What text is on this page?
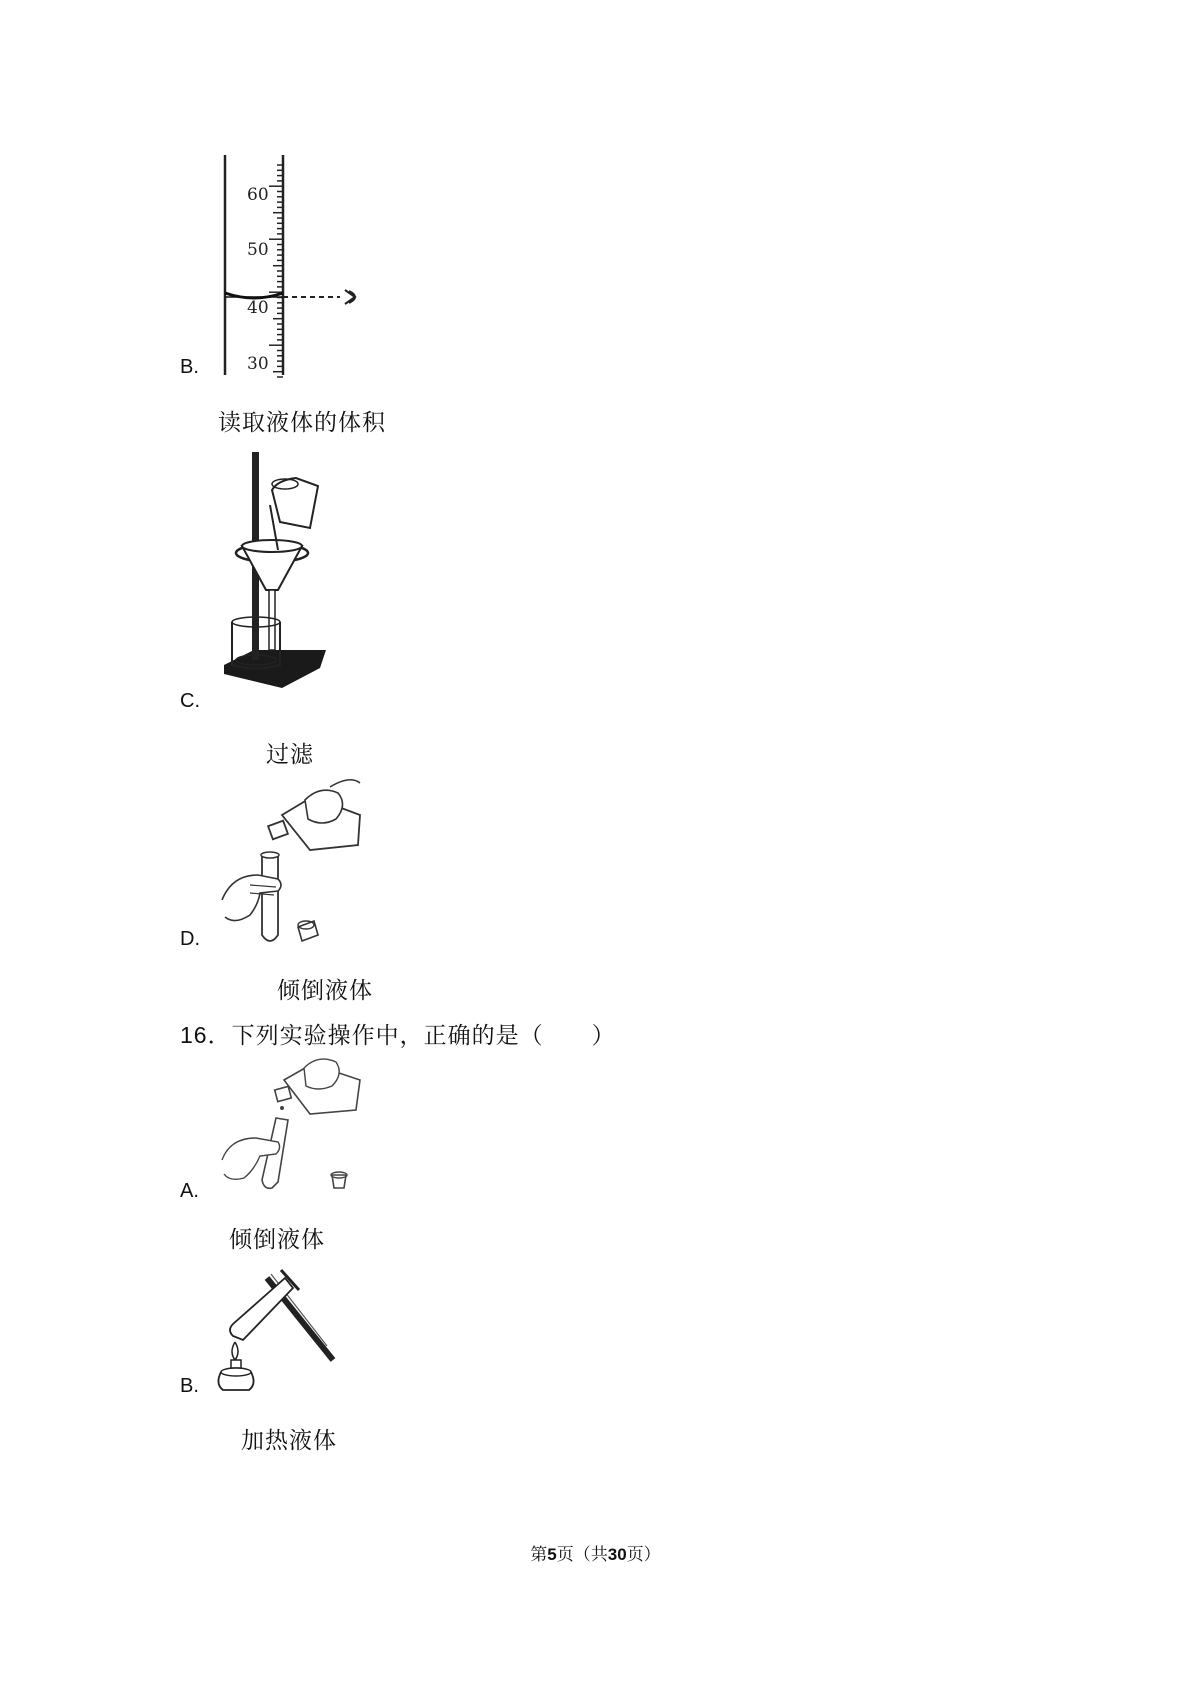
B.
60
50
40
30
读取液体的体积
C.
过滤
D.
倾倒液体
16．下列实验操作中，正确的是（　　）
A.
倾倒液体
B.
加热液体
第5页（共30页）
